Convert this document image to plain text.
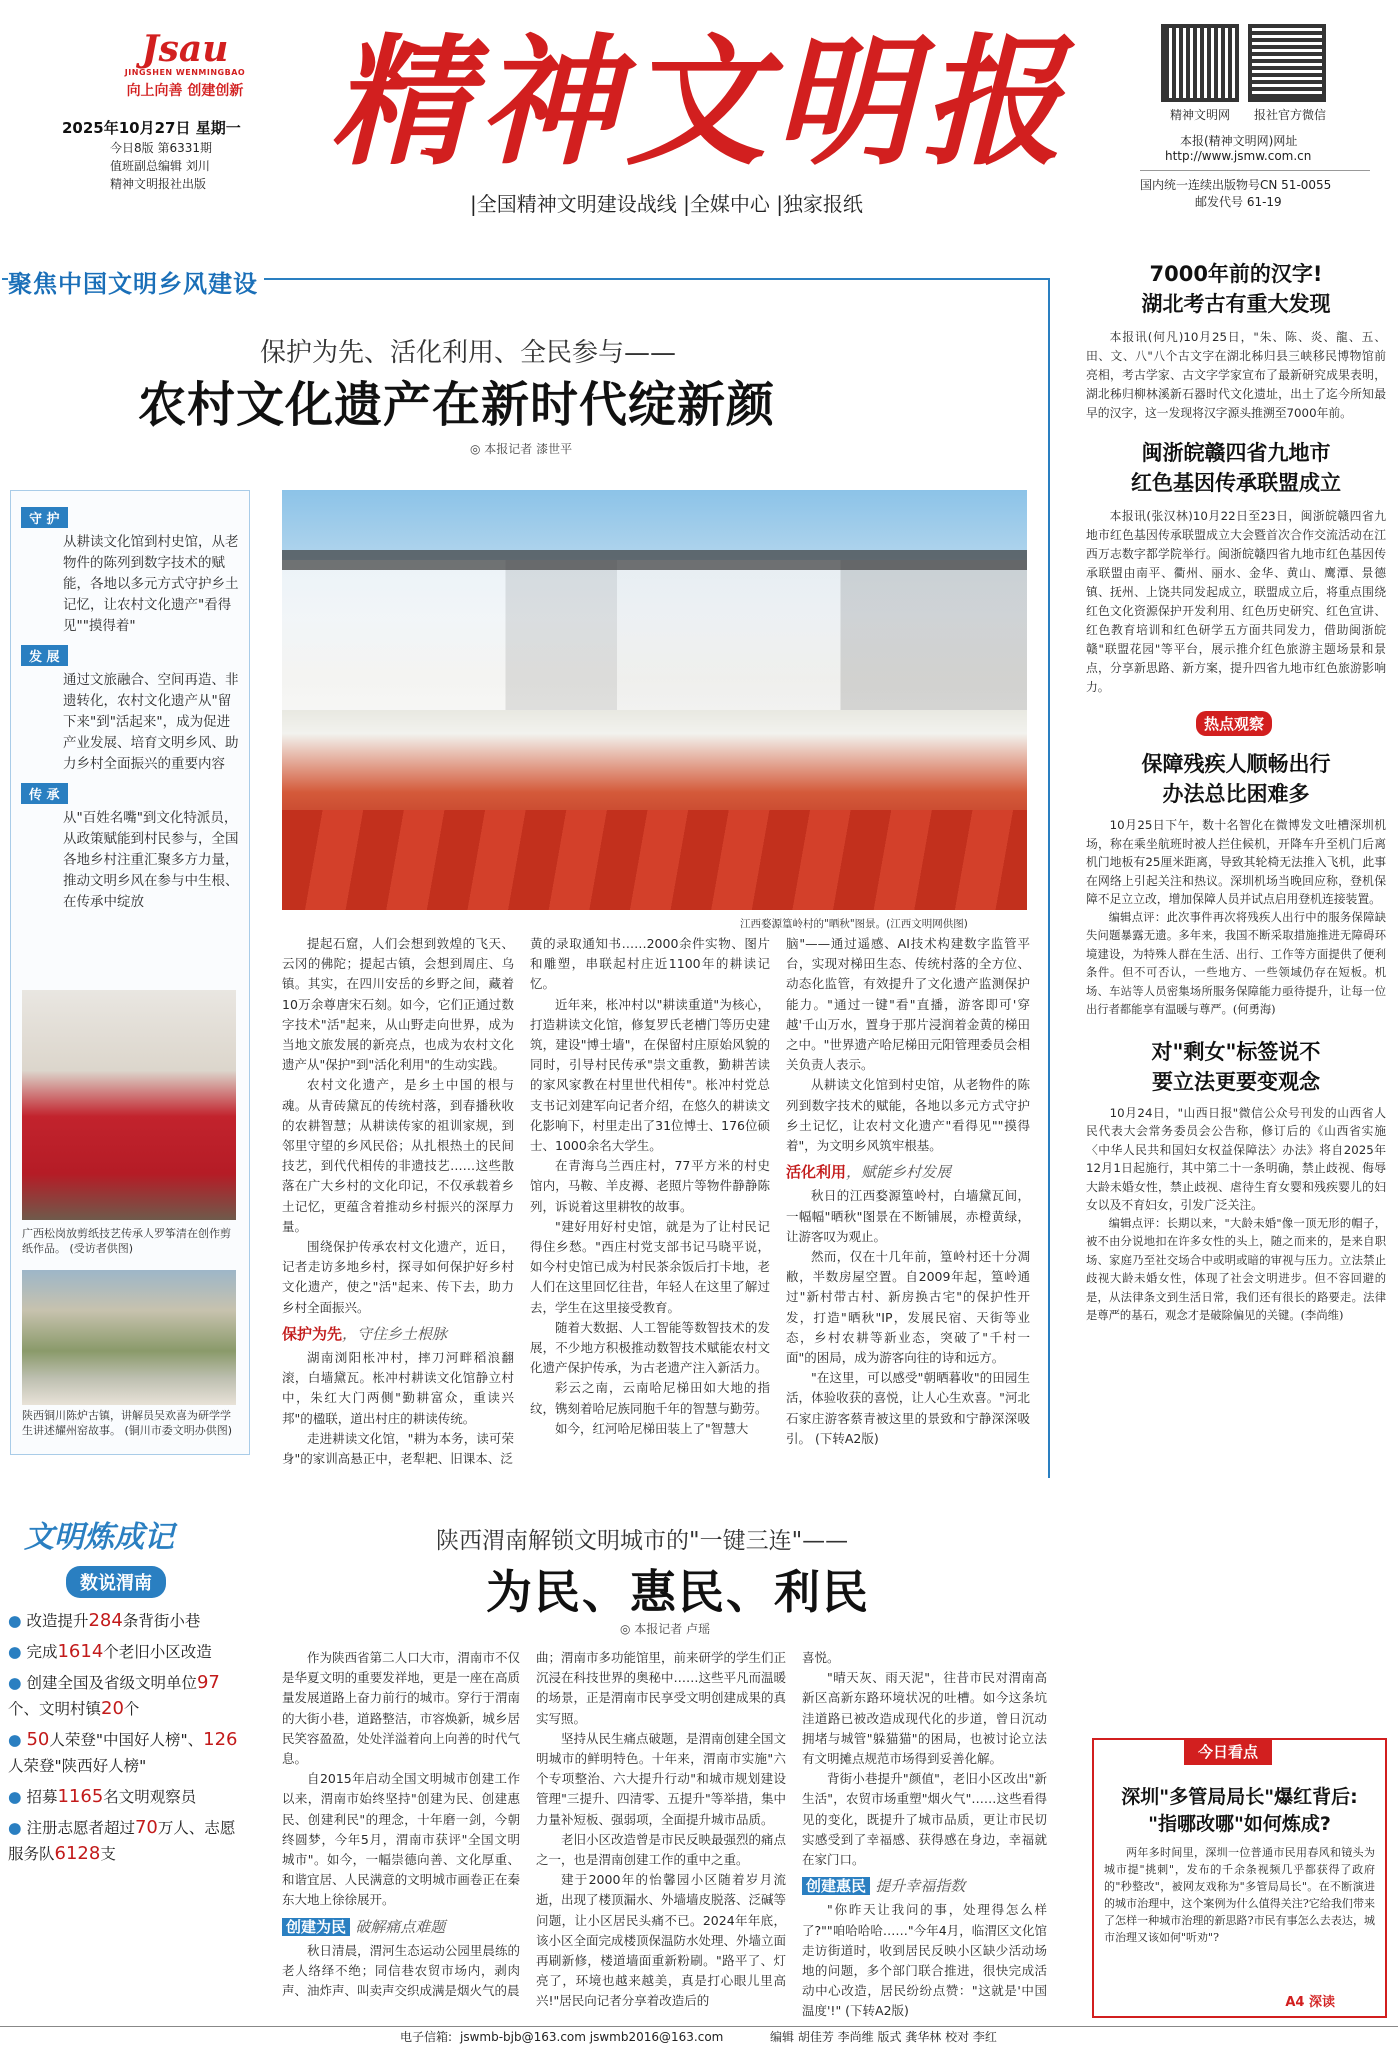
Jsau
JINGSHEN WENMINGBAO
向上向善 创建创新
2025年10月27日 星期一
今日8版 第6331期
值班副总编辑 刘川
精神文明报社出版 精神文明报
|全国精神文明建设战线 |全媒中心 |独家报纸
精神文明网	报社官方微信
本报(精神文明网)网址
http://www.jsmw.com.cn
国内统一连续出版物号CN 51-0055
邮发代号 61-19
聚焦中国文明乡风建设
保护为先、活化利用、全民参与——
农村文化遗产在新时代绽新颜
◎ 本报记者 漆世平
守 护
从耕读文化馆到村史馆，从老物件的陈列到数字技术的赋能，各地以多元方式守护乡土记忆，让农村文化遗产"看得见""摸得着"
发 展
通过文旅融合、空间再造、非遗转化，农村文化遗产从"留下来"到"活起来"，成为促进产业发展、培育文明乡风、助力乡村全面振兴的重要内容
传 承
从"百姓名嘴"到文化特派员，从政策赋能到村民参与，全国各地乡村注重汇聚多方力量，推动文明乡风在参与中生根、在传承中绽放
广西松岗放剪纸技艺传承人罗筝清在创作剪纸作品。 (受访者供图)
陕西铜川陈炉古镇，讲解员吴欢喜为研学学生讲述耀州窑故事。 (铜川市委文明办供图)
江西婺源篁岭村的"晒秋"图景。(江西文明网供图)

提起石窟，人们会想到敦煌的飞天、云冈的佛陀；提起古镇，会想到周庄、乌镇。其实，在四川安岳的乡野之间，藏着10万余尊唐宋石刻。如今，它们正通过数字技术"活"起来，从山野走向世界，成为当地文旅发展的新亮点，也成为农村文化遗产从"保护"到"活化利用"的生动实践。

农村文化遗产，是乡土中国的根与魂。从青砖黛瓦的传统村落，到春播秋收的农耕智慧；从耕读传家的祖训家规，到邻里守望的乡风民俗；从扎根热土的民间技艺，到代代相传的非遗技艺……这些散落在广大乡村的文化印记，不仅承载着乡土记忆，更蕴含着推动乡村振兴的深厚力量。

围绕保护传承农村文化遗产，近日，记者走访多地乡村，探寻如何保护好乡村文化遗产，使之"活"起来、传下去，助力乡村全面振兴。

保护为先，守住乡土根脉

湖南浏阳枨冲村，摔刀河畔稻浪翻滚，白墙黛瓦。枨冲村耕读文化馆静立村中，朱红大门两侧"勤耕富众，重读兴邦"的楹联，道出村庄的耕读传统。

走进耕读文化馆，"耕为本务，读可荣身"的家训高悬正中，老犁耙、旧课本、泛

黄的录取通知书……2000余件实物、图片和雕塑，串联起村庄近1100年的耕读记忆。

近年来，枨冲村以"耕读重道"为核心，打造耕读文化馆，修复罗氏老槽门等历史建筑，建设"博士墙"，在保留村庄原始风貌的同时，引导村民传承"崇文重教，勤耕苦读的家风家教在村里世代相传"。枨冲村党总支书记刘建军向记者介绍，在悠久的耕读文化影响下，村里走出了31位博士、176位硕士、1000余名大学生。

在青海乌兰西庄村，77平方米的村史馆内，马鞍、羊皮褥、老照片等物件静静陈列，诉说着这里耕牧的故事。

"建好用好村史馆，就是为了让村民记得住乡愁。"西庄村党支部书记马晓平说，如今村史馆已成为村民茶余饭后打卡地，老人们在这里回忆往昔，年轻人在这里了解过去，学生在这里接受教育。

随着大数据、人工智能等数智技术的发展，不少地方积极推动数智技术赋能农村文化遗产保护传承，为古老遗产注入新活力。

彩云之南，云南哈尼梯田如大地的指纹，镌刻着哈尼族同胞千年的智慧与勤劳。

如今，红河哈尼梯田装上了"智慧大

脑"——通过遥感、AI技术构建数字监管平台，实现对梯田生态、传统村落的全方位、动态化监管，有效提升了文化遗产监测保护能力。"通过一键"看"直播，游客即可'穿越'千山万水，置身于那片浸润着金黄的梯田之中。"世界遗产哈尼梯田元阳管理委员会相关负责人表示。

从耕读文化馆到村史馆，从老物件的陈列到数字技术的赋能，各地以多元方式守护乡土记忆，让农村文化遗产"看得见""摸得着"，为文明乡风筑牢根基。

活化利用，赋能乡村发展

秋日的江西婺源篁岭村，白墙黛瓦间，一幅幅"晒秋"图景在不断铺展，赤橙黄绿，让游客叹为观止。

然而，仅在十几年前，篁岭村还十分凋敝，半数房屋空置。自2009年起，篁岭通过"新村带古村、新房换古宅"的保护性开发，打造"晒秋"IP，发展民宿、天街等业态，乡村农耕等新业态，突破了"千村一面"的困局，成为游客向往的诗和远方。

"在这里，可以感受"朝晒暮收"的田园生活，体验收获的喜悦，让人心生欢喜。"河北石家庄游客蔡青被这里的景致和宁静深深吸引。 (下转A2版)

7000年前的汉字!
湖北考古有重大发现

本报讯(何凡)10月25日，"朱、陈、炎、龍、五、田、文、八"八个古文字在湖北秭归县三峡移民博物馆前亮相，考古学家、古文字学家宣布了最新研究成果表明，湖北秭归柳林溪新石器时代文化遗址，出土了迄今所知最早的汉字，这一发现将汉字源头推溯至7000年前。

闽浙皖赣四省九地市
红色基因传承联盟成立

本报讯(张汉林)10月22日至23日，闽浙皖赣四省九地市红色基因传承联盟成立大会暨首次合作交流活动在江西万志数字都学院举行。闽浙皖赣四省九地市红色基因传承联盟由南平、衢州、丽水、金华、黄山、鹰潭、景德镇、抚州、上饶共同发起成立，联盟成立后，将重点围绕红色文化资源保护开发利用、红色历史研究、红色宣讲、红色教育培训和红色研学五方面共同发力，借助闽浙皖赣"联盟花园"等平台，展示推介红色旅游主题场景和景点，分享新思路、新方案，提升四省九地市红色旅游影响力。

热点观察
保障残疾人顺畅出行
办法总比困难多

10月25日下午，数十名智化在微博发文吐槽深圳机场，称在乘坐航班时被人拦住候机，开降车升至机门后离机门地板有25厘米距离，导致其轮椅无法推入飞机，此事在网络上引起关注和热议。深圳机场当晚回应称，登机保障不足立立改，增加保障人员并试点启用登机连接装置。

编辑点评：此次事件再次将残疾人出行中的服务保障缺失问题暴露无遗。多年来，我国不断采取措施推进无障碍环境建设，为特殊人群在生活、出行、工作等方面提供了便利条件。但不可否认，一些地方、一些领域仍存在短板。机场、车站等人员密集场所服务保障能力亟待提升，让每一位出行者都能享有温暖与尊严。(何勇海)

对"剩女"标签说不
要立法更要变观念

10月24日，"山西日报"微信公众号刊发的山西省人民代表大会常务委员会公告称，修订后的《山西省实施〈中华人民共和国妇女权益保障法〉办法》将自2025年12月1日起施行，其中第二十一条明确，禁止歧视、侮辱大龄未婚女性，禁止歧视、虐待生育女婴和残疾婴儿的妇女以及不育妇女，引发广泛关注。

编辑点评：长期以来，"大龄未婚"像一顶无形的帽子，被不由分说地扣在许多女性的头上，随之而来的，是来自职场、家庭乃至社交场合中或明或暗的审视与压力。立法禁止歧视大龄未婚女性，体现了社会文明进步。但不容回避的是，从法律条文到生活日常，我们还有很长的路要走。法律是尊严的基石，观念才是破除偏见的关键。(李尚维)

今日看点
深圳"多管局局长"爆红背后:
"指哪改哪"如何炼成?

两年多时间里，深圳一位普通市民用春风和镜头为城市提"挑刺"，发布的千余条视频几乎都获得了政府的"秒整改"，被网友戏称为"多管局局长"。在不断演进的城市治理中，这个案例为什么值得关注?它给我们带来了怎样一种城市治理的新思路?市民有事怎么去表达，城市治理又该如何"听劝"?

A4 深读
文明炼成记
数说渭南
● 改造提升284条背街小巷
● 完成1614个老旧小区改造
● 创建全国及省级文明单位97个、文明村镇20个
● 50人荣登"中国好人榜"、126人荣登"陕西好人榜"
● 招募1165名文明观察员
● 注册志愿者超过70万人、志愿服务队6128支
陕西渭南解锁文明城市的"一键三连"——
为民、惠民、利民
◎ 本报记者 卢瑶

作为陕西省第二人口大市，渭南市不仅是华夏文明的重要发祥地，更是一座在高质量发展道路上奋力前行的城市。穿行于渭南的大街小巷，道路整洁，市容焕新，城乡居民笑容盈盈，处处洋溢着向上向善的时代气息。

自2015年启动全国文明城市创建工作以来，渭南市始终坚持"创建为民、创建惠民、创建利民"的理念，十年磨一剑，今朝终圆梦，今年5月，渭南市获评"全国文明城市"。如今，一幅崇德向善、文化厚重、和谐宜居、人民满意的文明城市画卷正在秦东大地上徐徐展开。

创建为民 破解痛点难题

秋日清晨，渭河生态运动公园里晨练的老人络绎不绝；同信巷农贸市场内，剥肉声、油炸声、叫卖声交织成满是烟火气的晨

曲；渭南市多功能馆里，前来研学的学生们正沉浸在科技世界的奥秘中……这些平凡而温暖的场景，正是渭南市民享受文明创建成果的真实写照。

坚持从民生痛点破题，是渭南创建全国文明城市的鲜明特色。十年来，渭南市实施"六个专项整治、六大提升行动"和城市规划建设管理"三提升、四清零、五提升"等举措，集中力量补短板、强弱项，全面提升城市品质。

老旧小区改造曾是市民反映最强烈的痛点之一，也是渭南创建工作的重中之重。

建于2000年的怡馨园小区随着岁月流逝，出现了楼顶漏水、外墙墙皮脱落、泛碱等问题，让小区居民头痛不已。2024年年底，该小区全面完成楼顶保温防水处理、外墙立面再刷新修，楼道墙面重新粉刷。"路平了、灯亮了，环境也越来越美，真是打心眼儿里高兴!"居民向记者分享着改造后的

喜悦。

"晴天灰、雨天泥"，往昔市民对渭南高新区高新东路环境状况的吐槽。如今这条坑洼道路已被改造成现代化的步道，曾日沉动拥堵与城管"躲猫猫"的困局，也被讨论立法有文明摊点规范市场得到妥善化解。

背街小巷提升"颜值"，老旧小区改出"新生活"，农贸市场重塑"烟火气"……这些看得见的变化，既提升了城市品质，更让市民切实感受到了幸福感、获得感在身边，幸福就在家门口。

创建惠民 提升幸福指数

"你昨天让我问的事，处理得怎么样了?""咱哈哈哈……"今年4月，临渭区文化馆走访街道时，收到居民反映小区缺少活动场地的问题，多个部门联合推进，很快完成活动中心改造，居民纷纷点赞："这就是'中国温度'!" (下转A2版)

电子信箱: jswmb-bjb@163.com jswmb2016@163.com	编辑 胡佳芳 李尚维 版式 龚华林 校对 李红
